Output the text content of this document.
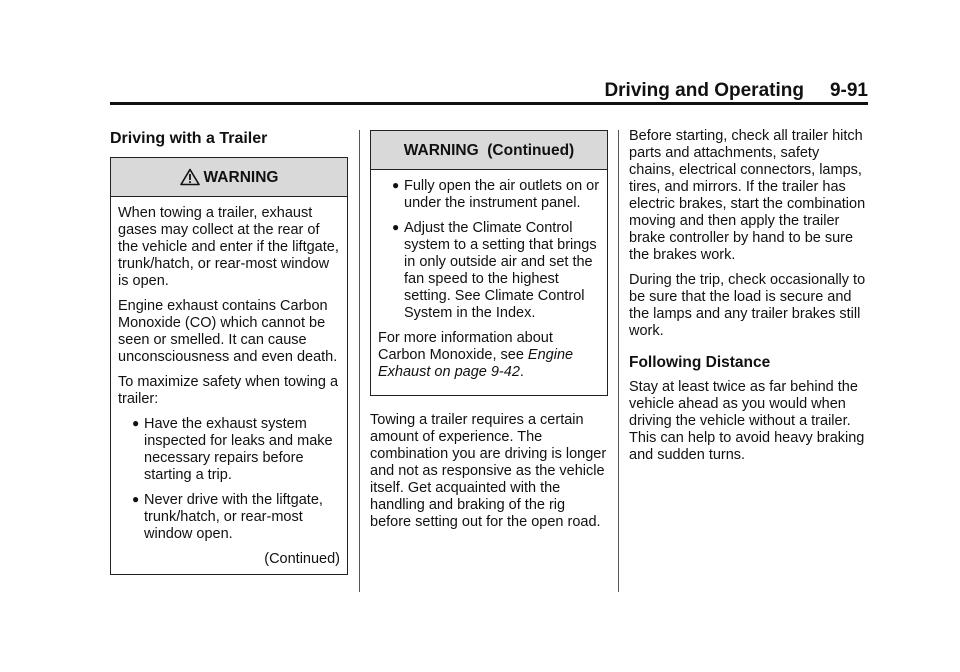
Driving and Operating 9-91
Driving with a Trailer
WARNING

When towing a trailer, exhaust gases may collect at the rear of the vehicle and enter if the liftgate, trunk/hatch, or rear-most window is open.

Engine exhaust contains Carbon Monoxide (CO) which cannot be seen or smelled. It can cause unconsciousness and even death.

To maximize safety when towing a trailer:

● Have the exhaust system inspected for leaks and make necessary repairs before starting a trip.
● Never drive with the liftgate, trunk/hatch, or rear-most window open.
(Continued)
WARNING  (Continued)
● Fully open the air outlets on or under the instrument panel.
● Adjust the Climate Control system to a setting that brings in only outside air and set the fan speed to the highest setting. See Climate Control System in the Index.

For more information about Carbon Monoxide, see Engine Exhaust on page 9-42.

Towing a trailer requires a certain amount of experience. The combination you are driving is longer and not as responsive as the vehicle itself. Get acquainted with the handling and braking of the rig before setting out for the open road.

Before starting, check all trailer hitch parts and attachments, safety chains, electrical connectors, lamps, tires, and mirrors. If the trailer has electric brakes, start the combination moving and then apply the trailer brake controller by hand to be sure the brakes work.

During the trip, check occasionally to be sure that the load is secure and the lamps and any trailer brakes still work.

Following Distance

Stay at least twice as far behind the vehicle ahead as you would when driving the vehicle without a trailer. This can help to avoid heavy braking and sudden turns.
